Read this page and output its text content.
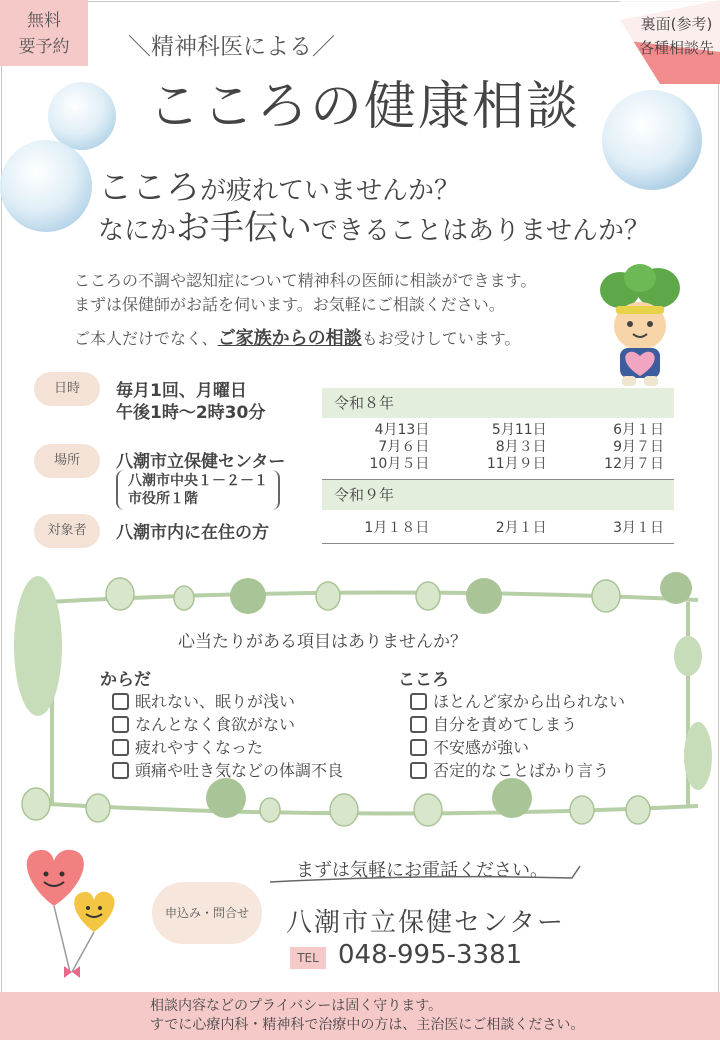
無料
要予約
裏面(参考)
各種相談先
＼精神科医による／
こころの健康相談
こころが疲れていませんか？
なにかお手伝いできることはありませんか？
こころの不調や認知症について精神科の医師に相談ができます。
まずは保健師がお話を伺います。お気軽にご相談ください。
ご本人だけでなく、ご家族からの相談もお受けしています。
日時	毎月1回、月曜日
午後1時～2時30分
場所	八潮市立保健センター
八潮市中央１－２－１
市役所１階
対象者	八潮市内に在住の方
令和８年
4月13日	5月11日	6月１日
7月６日	8月３日	9月７日
10月５日	11月９日	12月７日
令和９年
1月１８日	2月１日	3月１日
心当たりがある項目はありませんか？
からだ
眠れない、眠りが浅い
なんとなく食欲がない
疲れやすくなった
頭痛や吐き気などの体調不良
こころ
ほとんど家から出られない
自分を責めてしまう
不安感が強い
否定的なことばかり言う
まずは気軽にお電話ください。
申込み・問合せ	八潮市立保健センター
TEL 048-995-3381
相談内容などのプライバシーは固く守ります。
すでに心療内科・精神科で治療中の方は、主治医にご相談ください。
